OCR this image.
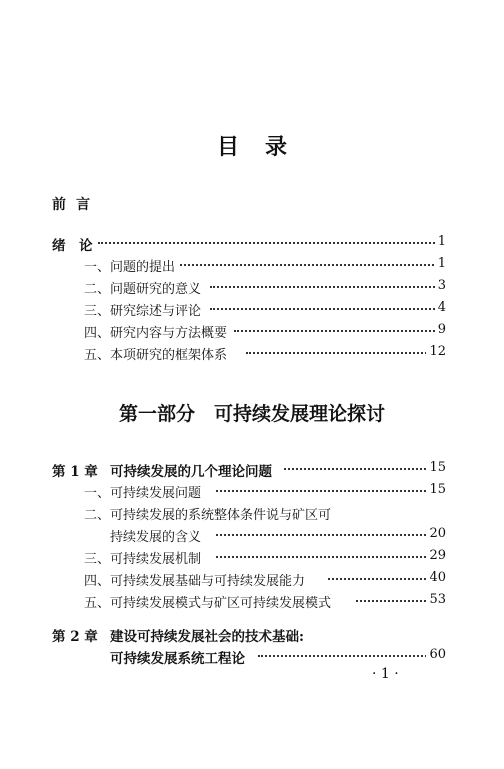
目录
前言
绪　论	1
一、问题的提出	1
二、问题研究的意义	3
三、研究综述与评论	4
四、研究内容与方法概要	9
五、本项研究的框架体系	12
第一部分　可持续发展理论探讨
第 1 章 可持续发展的几个理论问题	15
一、可持续发展问题	15
二、可持续发展的系统整体条件说与矿区可
持续发展的含义	20
三、可持续发展机制	29
四、可持续发展基础与可持续发展能力	40
五、可持续发展模式与矿区可持续发展模式	53
第 2 章 建设可持续发展社会的技术基础:
可持续发展系统工程论	60
· 1 ·
